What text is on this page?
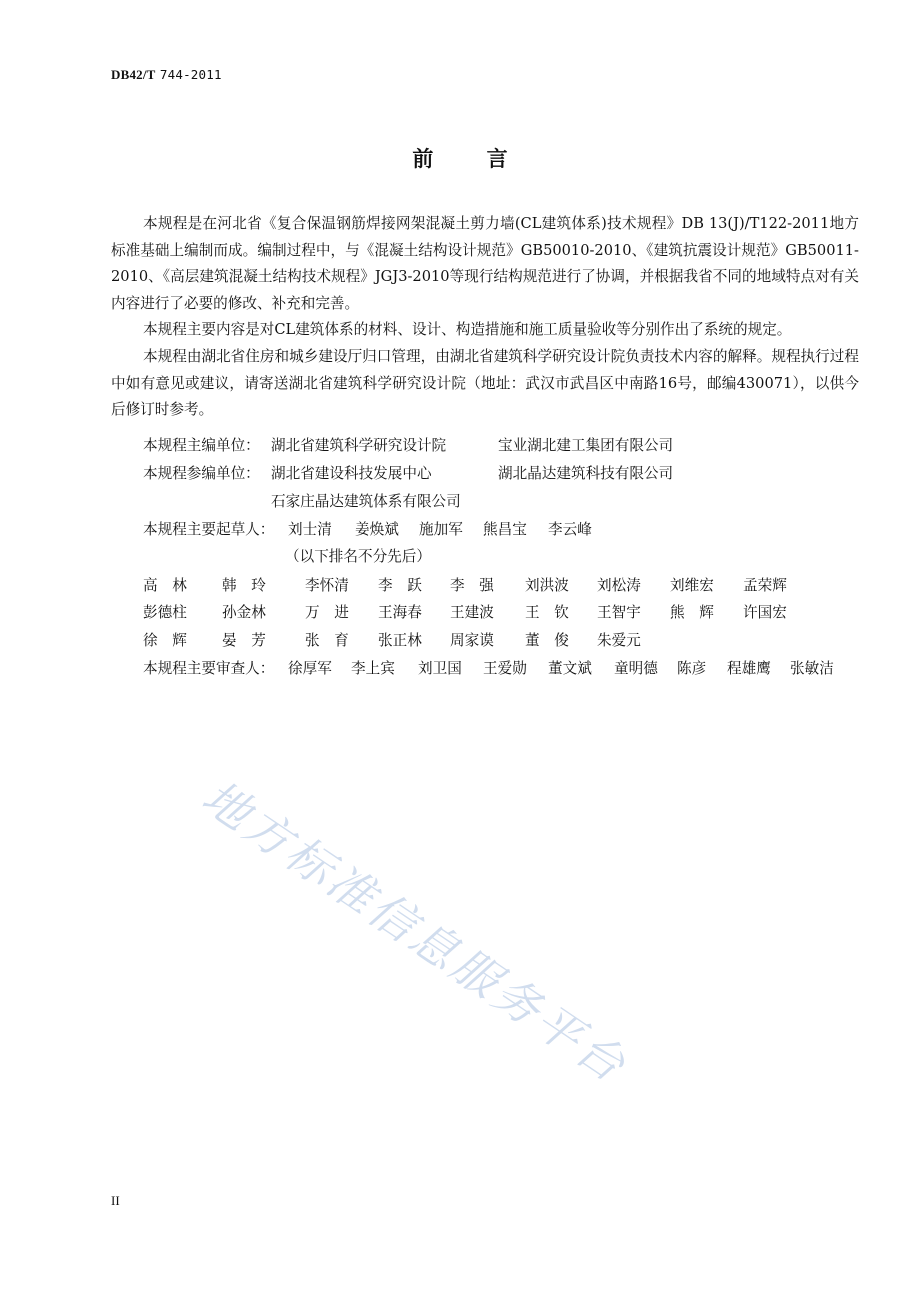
DB42/T 744-2011
前	言
本规程是在河北省《复合保温钢筋焊接网架混凝土剪力墙(CL建筑体系)技术规程》DB 13(J)/T122-2011地方标准基础上编制而成。编制过程中，与《混凝土结构设计规范》GB50010-2010、《建筑抗震设计规范》GB50011-2010、《高层建筑混凝土结构技术规程》JGJ3-2010等现行结构规范进行了协调，并根据我省不同的地域特点对有关内容进行了必要的修改、补充和完善。
本规程主要内容是对CL建筑体系的材料、设计、构造措施和施工质量验收等分别作出了系统的规定。
本规程由湖北省住房和城乡建设厅归口管理，由湖北省建筑科学研究设计院负责技术内容的解释。规程执行过程中如有意见或建议，请寄送湖北省建筑科学研究设计院（地址：武汉市武昌区中南路16号，邮编430071），以供今后修订时参考。
本规程主编单位： 湖北省建筑科学研究设计院	宝业湖北建工集团有限公司
本规程参编单位： 湖北省建设科技发展中心	湖北晶达建筑科技有限公司
石家庄晶达建筑体系有限公司
本规程主要起草人： 刘士清 姜焕斌 施加军 熊昌宝 李云峰
（以下排名不分先后）
高　林 韩　玲	李怀清 李　跃 李　强 刘洪波 刘松涛 刘维宏 孟荣辉
彭德柱 孙金林	万　进 王海春 王建波 王　钦 王智宇 熊　辉 许国宏
徐　辉 晏　芳	张　育 张正林 周家谟 董　俊 朱爱元
本规程主要审查人： 徐厚军 李上宾 刘卫国 王爱勋 董文斌 童明德 陈彦 程雄鹰 张敏洁
地方标准信息服务平台
II
